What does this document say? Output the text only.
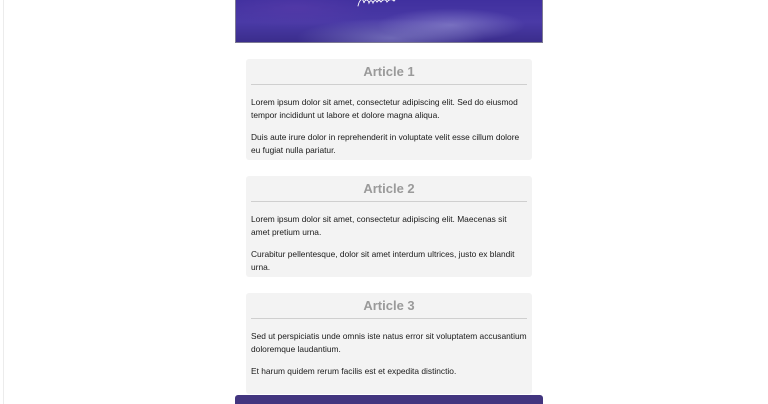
Article 1

Lorem ipsum dolor sit amet, consectetur adipiscing elit. Sed do eiusmod tempor incididunt ut labore et dolore magna aliqua.

Duis aute irure dolor in reprehenderit in voluptate velit esse cillum dolore eu fugiat nulla pariatur.

Article 2

Lorem ipsum dolor sit amet, consectetur adipiscing elit. Maecenas sit amet pretium urna.

Curabitur pellentesque, dolor sit amet interdum ultrices, justo ex blandit urna.

Article 3

Sed ut perspiciatis unde omnis iste natus error sit voluptatem accusantium doloremque laudantium.

Et harum quidem rerum facilis est et expedita distinctio.
